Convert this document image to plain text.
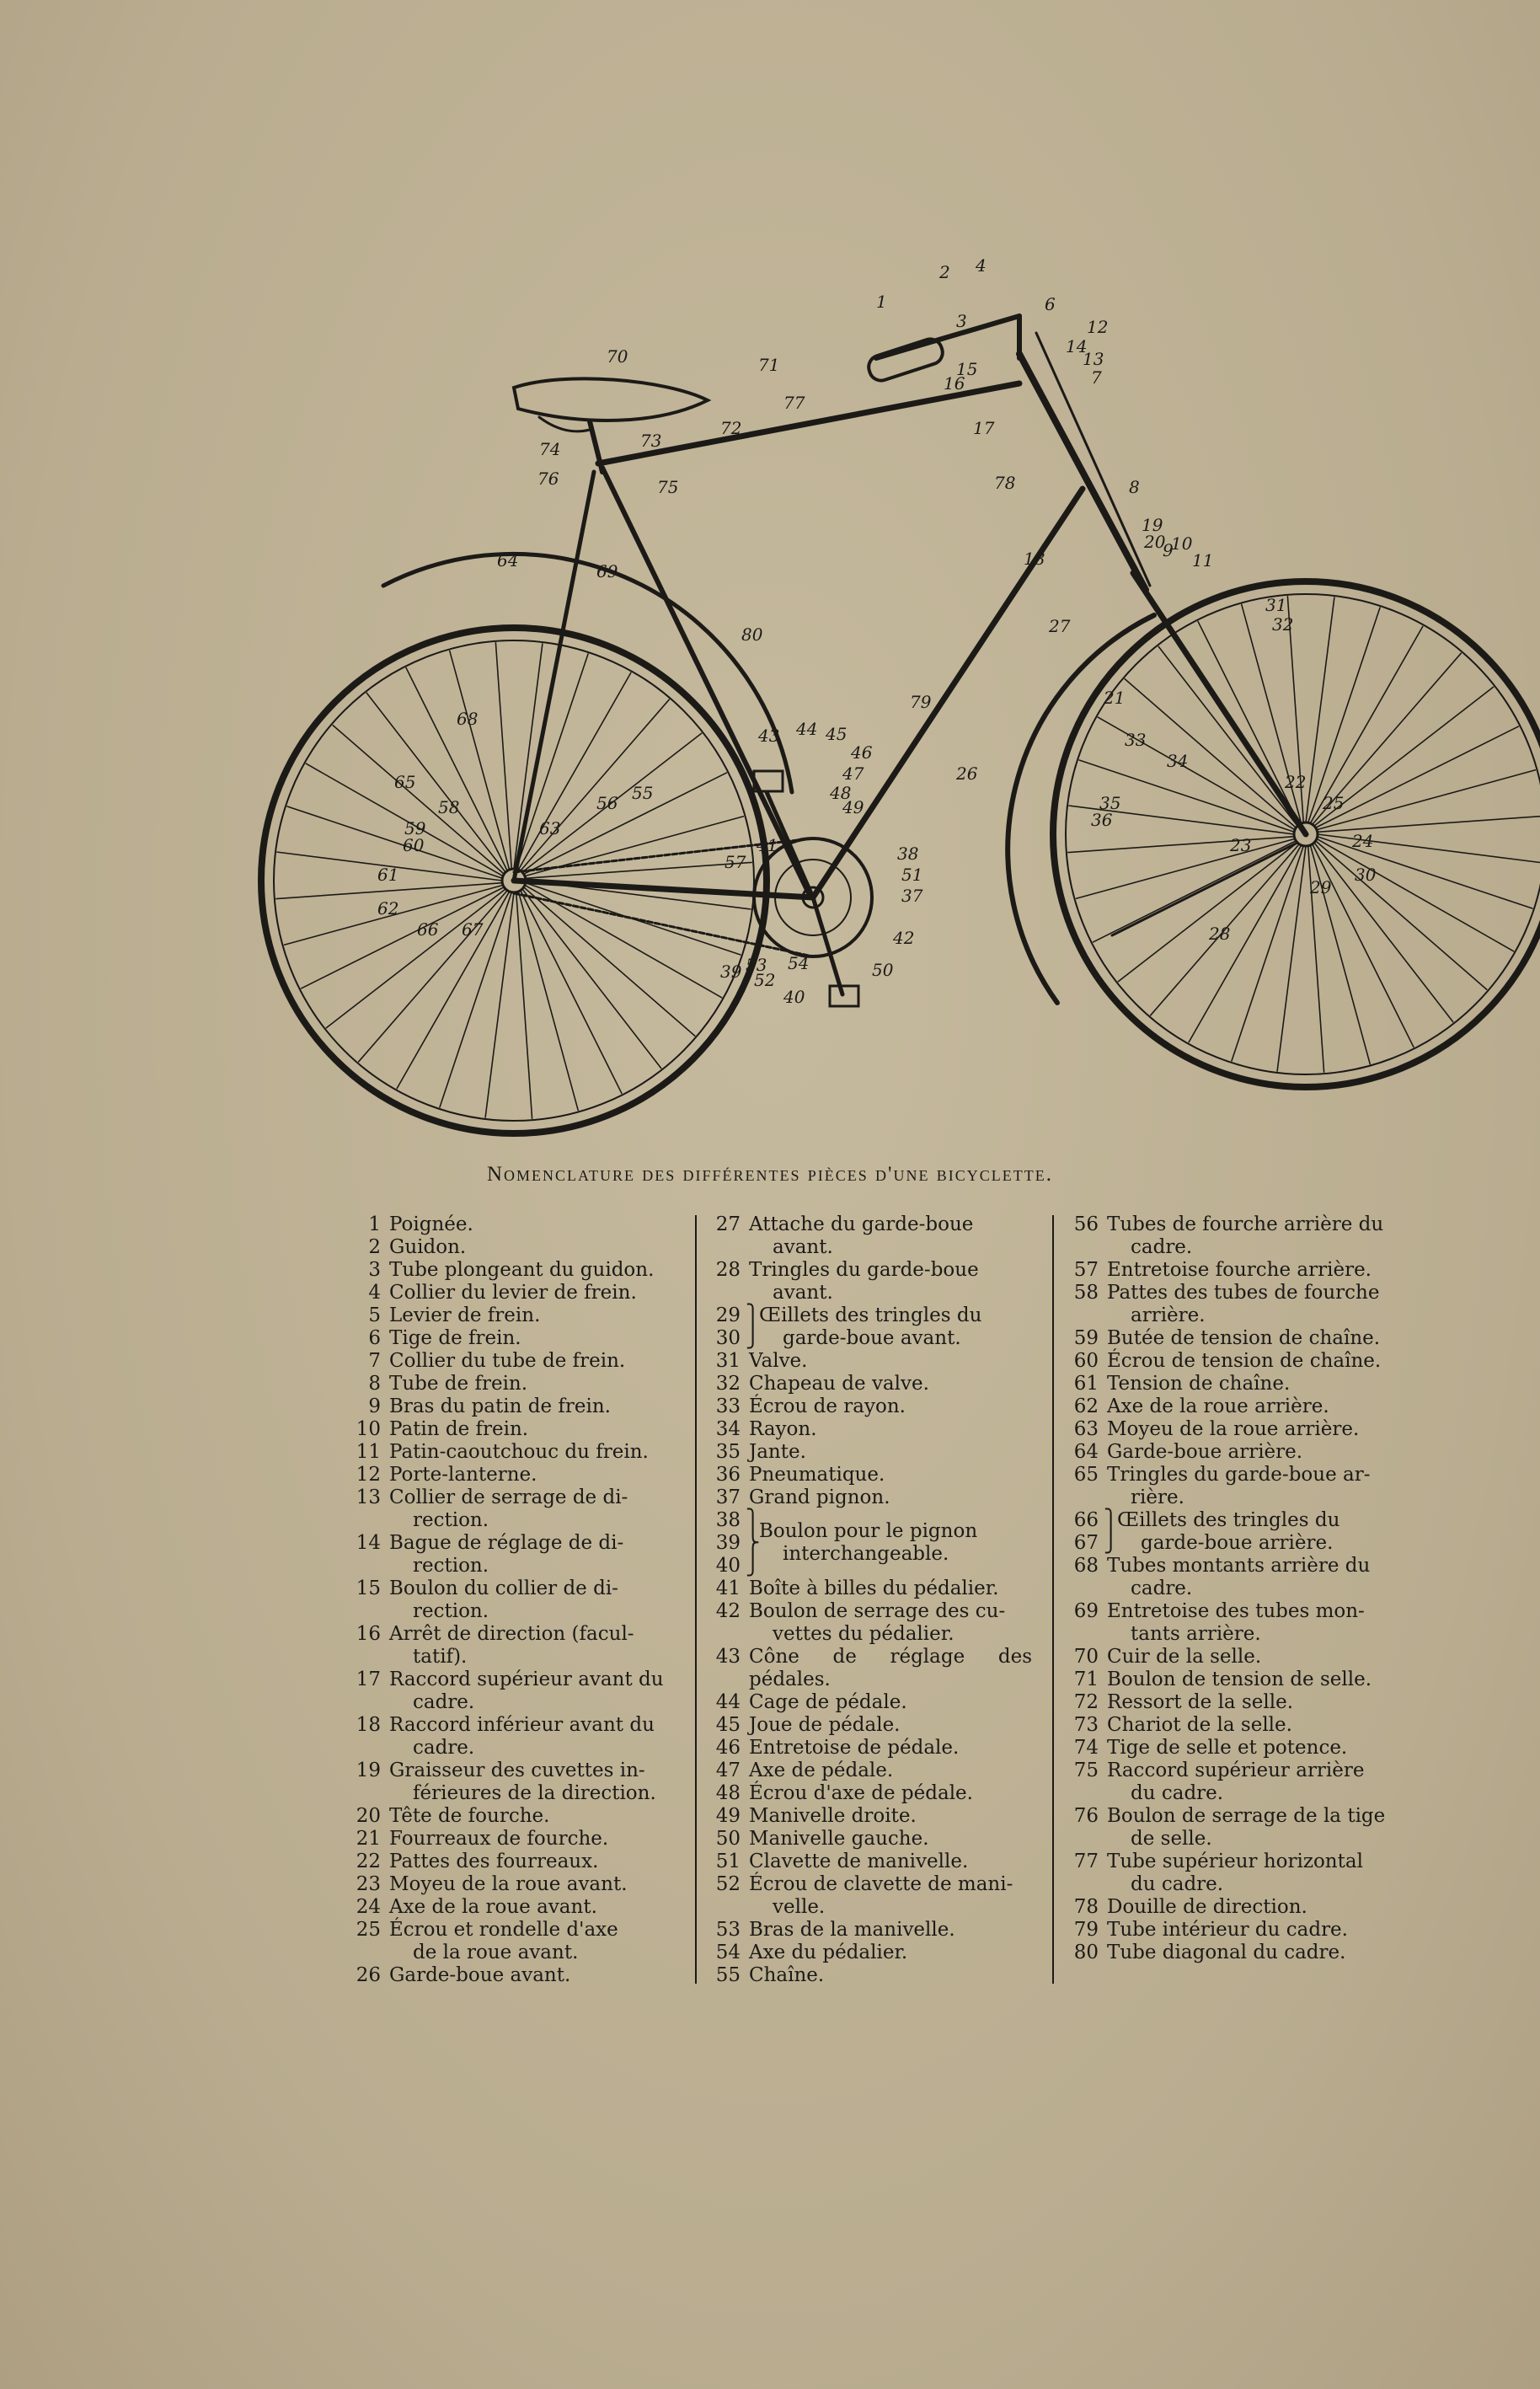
1
2 4
3
6
12
14
13
7
15
16
17
70	71
72
73
74
76	75
77
78	8
19
20
9
10
11
31
32
64
69
80
18
27
21
33
34
22
25
24
30
29
23
28
35
36
79
26
43 44 45
46
47
48
49
38
51
37
42
50
40
52
54
53
39
41
57
56 55
63
68
65
58
59
60
61
62
66 67
Nomenclature des différentes pièces d'une bicyclette.
1 Poignée.
2 Guidon.
3 Tube plongeant du guidon.
4 Collier du levier de frein.
5 Levier de frein.
6 Tige de frein.
7 Collier du tube de frein.
8 Tube de frein.
9 Bras du patin de frein.
10 Patin de frein.
11 Patin-caoutchouc du frein.
12 Porte-lanterne.
13 Collier de serrage de di-
rection.
14 Bague de réglage de di-
rection.
15 Boulon du collier de di-
rection.
16 Arrêt de direction (facul-
tatif).
17 Raccord supérieur avant du
cadre.
18 Raccord inférieur avant du
cadre.
19 Graisseur des cuvettes in-
férieures de la direction.
20 Tête de fourche.
21 Fourreaux de fourche.
22 Pattes des fourreaux.
23 Moyeu de la roue avant.
24 Axe de la roue avant.
25 Écrou et rondelle d'axe
de la roue avant.
26 Garde-boue avant.
27 Attache du garde-boue
avant.
28 Tringles du garde-boue
avant.
29
30
⎫
⎭
Œillets des tringles du
garde-boue avant.
31 Valve.
32 Chapeau de valve.
33 Écrou de rayon.
34 Rayon.
35 Jante.
36 Pneumatique.
37 Grand pignon.
38
39
40
⎫
⎬
⎭
Boulon pour le pignon
interchangeable.
41 Boîte à billes du pédalier.
42 Boulon de serrage des cu-
vettes du pédalier.
43 Cône de réglage des pédales.
44 Cage de pédale.
45 Joue de pédale.
46 Entretoise de pédale.
47 Axe de pédale.
48 Écrou d'axe de pédale.
49 Manivelle droite.
50 Manivelle gauche.
51 Clavette de manivelle.
52 Écrou de clavette de mani-
velle.
53 Bras de la manivelle.
54 Axe du pédalier.
55 Chaîne.
56 Tubes de fourche arrière du
cadre.
57 Entretoise fourche arrière.
58 Pattes des tubes de fourche
arrière.
59 Butée de tension de chaîne.
60 Écrou de tension de chaîne.
61 Tension de chaîne.
62 Axe de la roue arrière.
63 Moyeu de la roue arrière.
64 Garde-boue arrière.
65 Tringles du garde-boue ar-
rière.
66
67
⎫
⎭
Œillets des tringles du
garde-boue arrière.
68 Tubes montants arrière du
cadre.
69 Entretoise des tubes mon-
tants arrière.
70 Cuir de la selle.
71 Boulon de tension de selle.
72 Ressort de la selle.
73 Chariot de la selle.
74 Tige de selle et potence.
75 Raccord supérieur arrière
du cadre.
76 Boulon de serrage de la tige
de selle.
77 Tube supérieur horizontal
du cadre.
78 Douille de direction.
79 Tube intérieur du cadre.
80 Tube diagonal du cadre.
